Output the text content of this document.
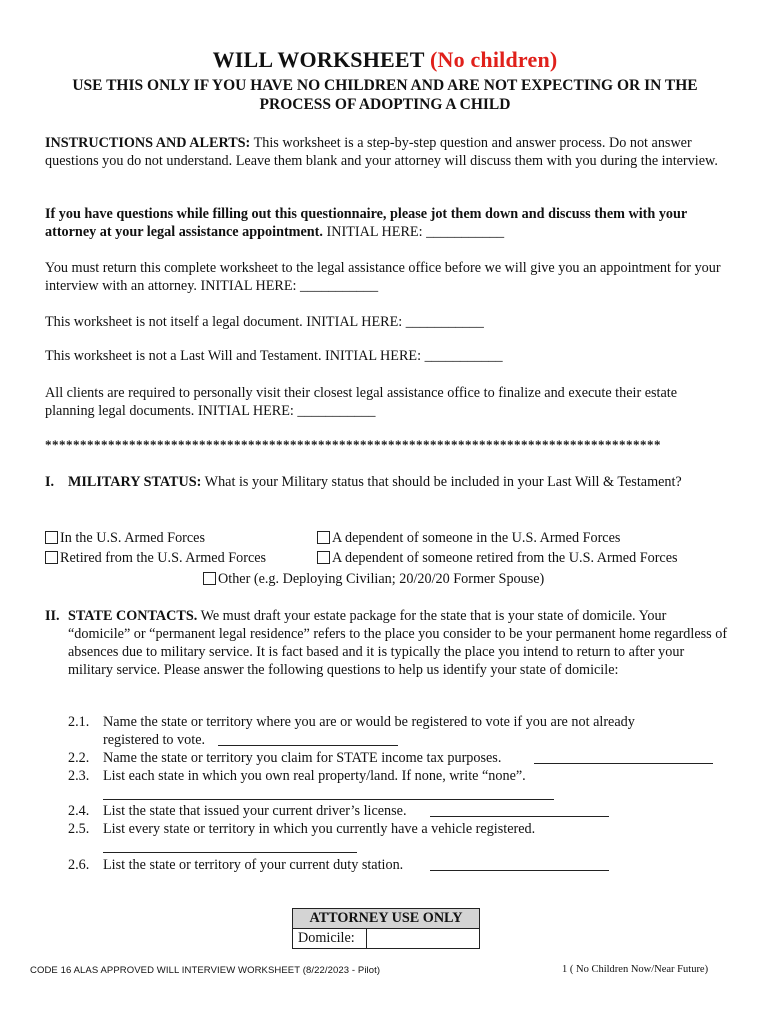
WILL WORKSHEET (No children)
USE THIS ONLY IF YOU HAVE NO CHILDREN AND ARE NOT EXPECTING OR IN THE PROCESS OF ADOPTING A CHILD
INSTRUCTIONS AND ALERTS: This worksheet is a step-by-step question and answer process. Do not answer questions you do not understand. Leave them blank and your attorney will discuss them with you during the interview.
If you have questions while filling out this questionnaire, please jot them down and discuss them with your attorney at your legal assistance appointment. INITIAL HERE: ___________
You must return this complete worksheet to the legal assistance office before we will give you an appointment for your interview with an attorney. INITIAL HERE: ___________
This worksheet is not itself a legal document. INITIAL HERE: ___________
This worksheet is not a Last Will and Testament. INITIAL HERE: ___________
All clients are required to personally visit their closest legal assistance office to finalize and execute their estate planning legal documents. INITIAL HERE: ___________
****************************************************************************************
I. MILITARY STATUS: What is your Military status that should be included in your Last Will & Testament?
In the U.S. Armed Forces	A dependent of someone in the U.S. Armed Forces
Retired from the U.S. Armed Forces	A dependent of someone retired from the U.S. Armed Forces
Other (e.g. Deploying Civilian; 20/20/20 Former Spouse)
II. STATE CONTACTS. We must draft your estate package for the state that is your state of domicile. Your “domicile” or “permanent legal residence” refers to the place you consider to be your permanent home regardless of absences due to military service. It is fact based and it is typically the place you intend to return to after your military service. Please answer the following questions to help us identify your state of domicile:
2.1. Name the state or territory where you are or would be registered to vote if you are not already registered to vote.
2.2. Name the state or territory you claim for STATE income tax purposes.
2.3. List each state in which you own real property/land. If none, write “none”.
2.4. List the state that issued your current driver’s license.
2.5. List every state or territory in which you currently have a vehicle registered.
2.6. List the state or territory of your current duty station.
ATTORNEY USE ONLY
Domicile:
CODE 16 ALAS APPROVED WILL INTERVIEW WORKSHEET (8/22/2023 - Pilot)	1 ( No Children Now/Near Future)
